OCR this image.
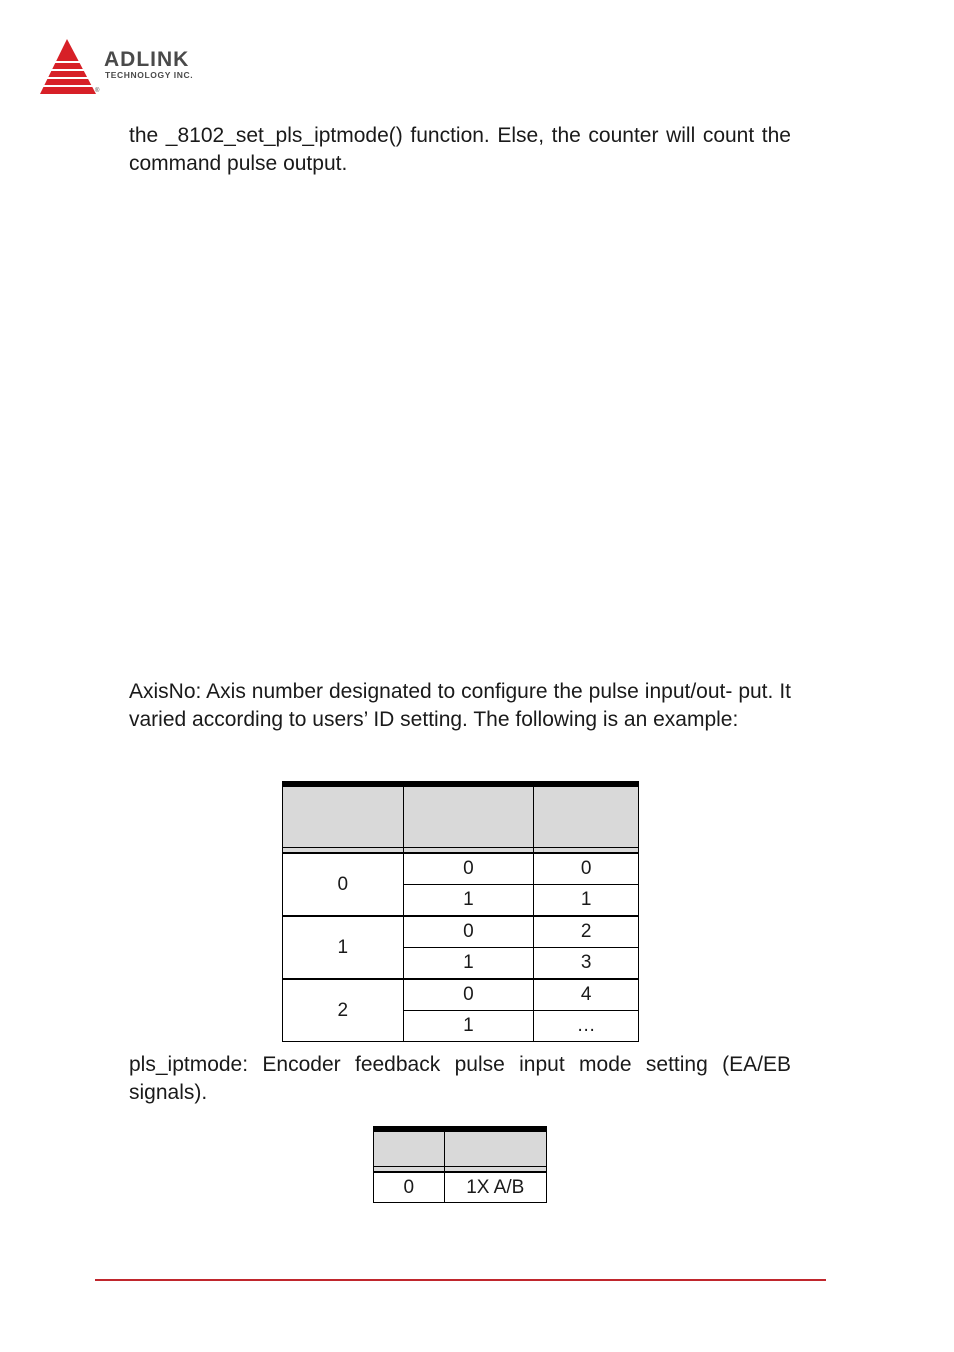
ADLINK
TECHNOLOGY INC.
®

the _8102_set_pls_iptmode() function. Else, the counter will count the command pulse output.

AxisNo: Axis number designated to configure the pulse input/out- put. It varied according to users’ ID setting. The following is an example:

0	0	0
	1	1
1	0	2
	1	3
2	0	4
	1	…

pls_iptmode: Encoder feedback pulse input mode setting (EA/EB signals).

0	1X A/B
